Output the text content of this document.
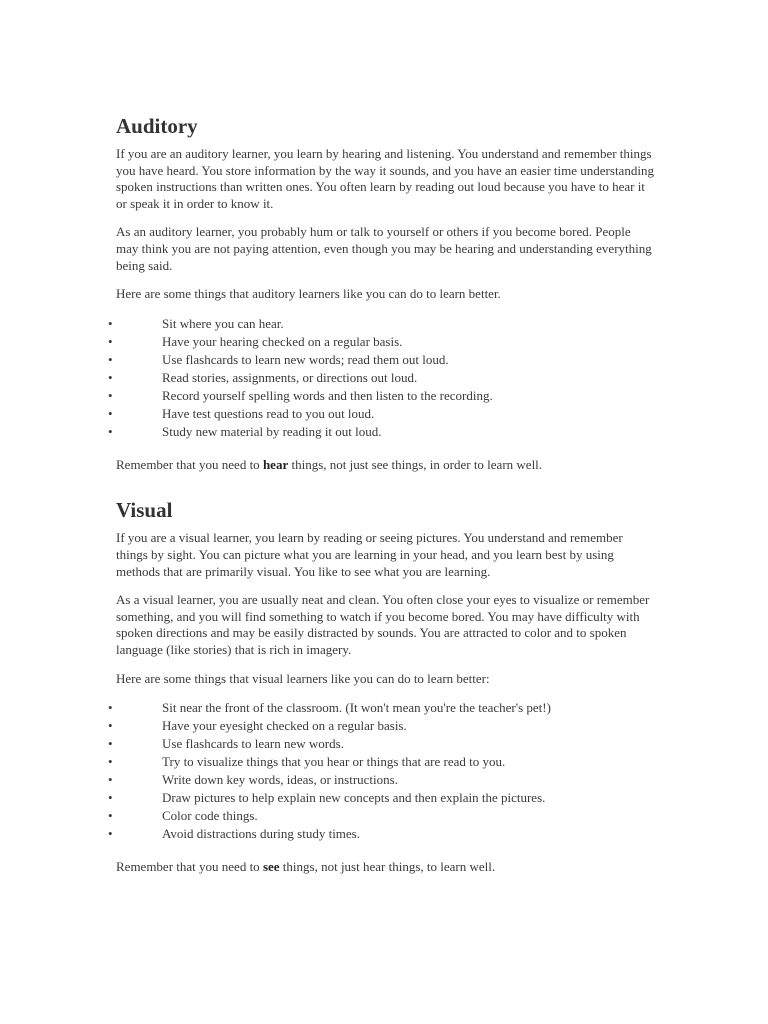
Auditory

If you are an auditory learner, you learn by hearing and listening. You understand and remember things you have heard. You store information by the way it sounds, and you have an easier time understanding spoken instructions than written ones. You often learn by reading out loud because you have to hear it or speak it in order to know it.

As an auditory learner, you probably hum or talk to yourself or others if you become bored. People may think you are not paying attention, even though you may be hearing and understanding everything being said.

Here are some things that auditory learners like you can do to learn better.

•	Sit where you can hear.
•	Have your hearing checked on a regular basis.
•	Use flashcards to learn new words; read them out loud.
•	Read stories, assignments, or directions out loud.
•	Record yourself spelling words and then listen to the recording.
•	Have test questions read to you out loud.
•	Study new material by reading it out loud.

Remember that you need to hear things, not just see things, in order to learn well.

Visual

If you are a visual learner, you learn by reading or seeing pictures. You understand and remember things by sight. You can picture what you are learning in your head, and you learn best by using methods that are primarily visual. You like to see what you are learning.

As a visual learner, you are usually neat and clean. You often close your eyes to visualize or remember something, and you will find something to watch if you become bored. You may have difficulty with spoken directions and may be easily distracted by sounds. You are attracted to color and to spoken language (like stories) that is rich in imagery.

Here are some things that visual learners like you can do to learn better:

•	Sit near the front of the classroom. (It won't mean you're the teacher's pet!)
•	Have your eyesight checked on a regular basis.
•	Use flashcards to learn new words.
•	Try to visualize things that you hear or things that are read to you.
•	Write down key words, ideas, or instructions.
•	Draw pictures to help explain new concepts and then explain the pictures.
•	Color code things.
•	Avoid distractions during study times.

Remember that you need to see things, not just hear things, to learn well.
